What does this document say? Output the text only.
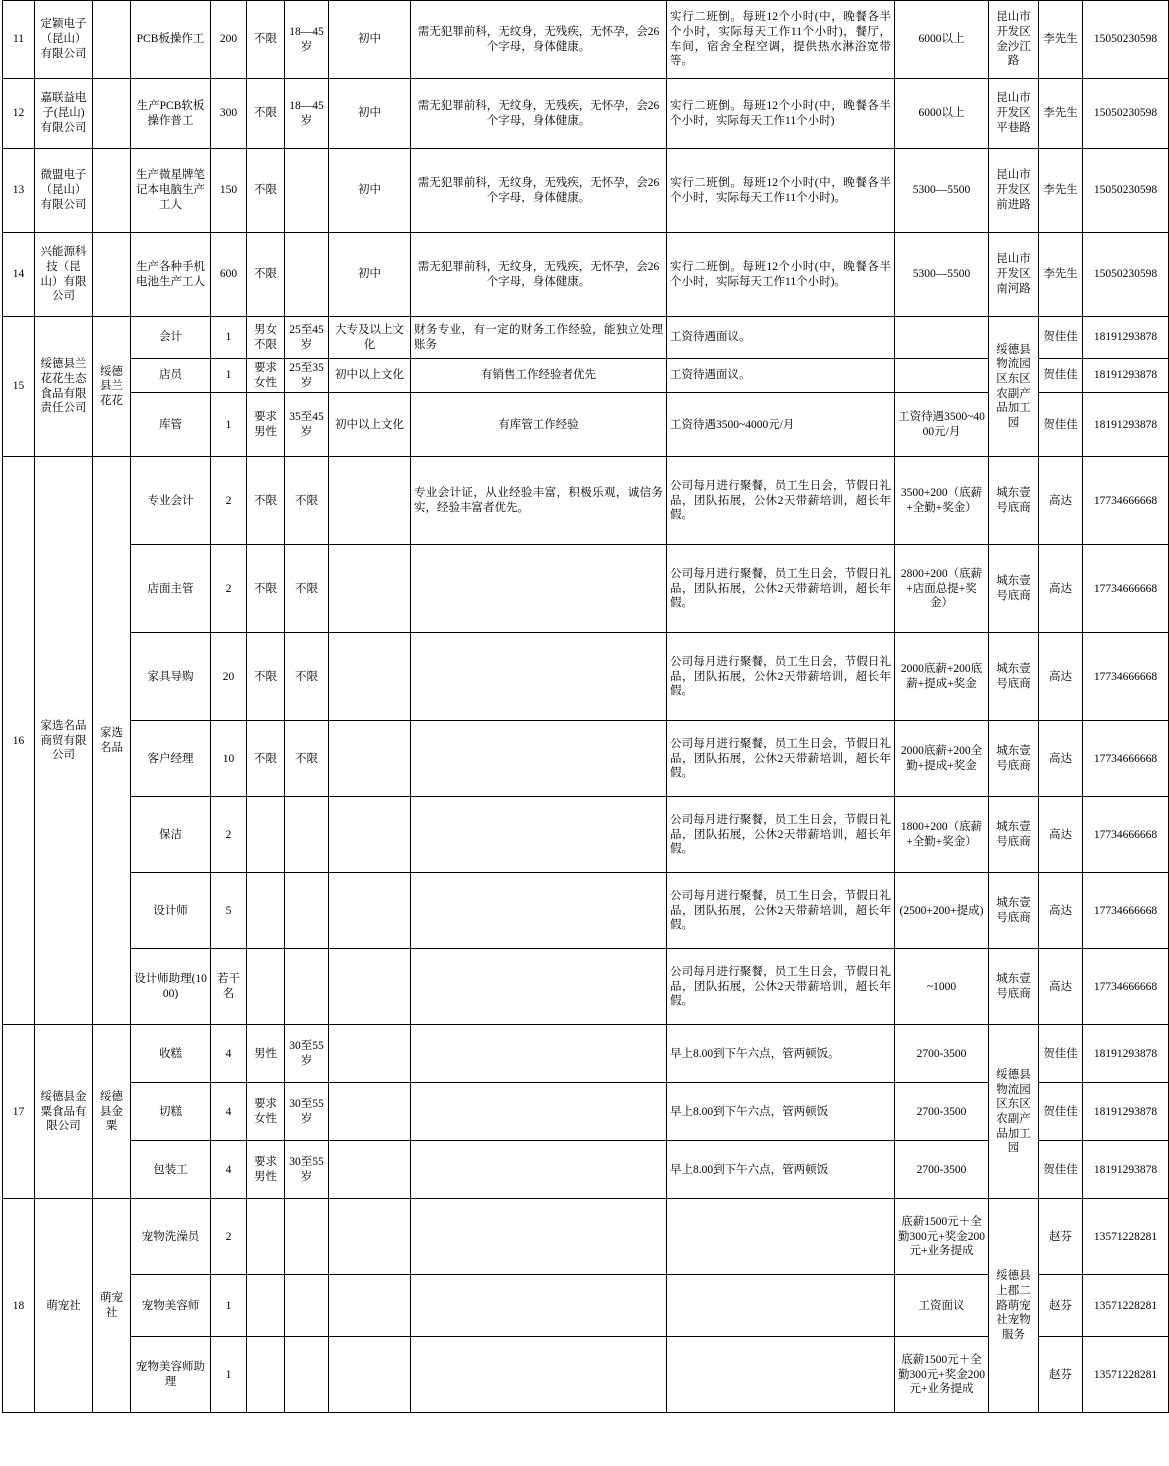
11	定颖电子（昆山）有限公司		PCB板操作工	200	不限	18—45岁	初中	需无犯罪前科，无纹身，无残疾，无怀孕，会26个字母，身体健康。	实行二班倒。每班12个小时(中，晚餐各半个小时，实际每天工作11个小时)，餐厅，车间，宿舍全程空调，提供热水淋浴宽带等。	6000以上	昆山市开发区金沙江路	李先生	15050230598
12	嘉联益电子(昆山)有限公司		生产PCB软板操作普工	300	不限	18—45岁	初中	需无犯罪前科，无纹身，无残疾，无怀孕，会26个字母，身体健康。	实行二班倒。每班12个小时(中，晚餐各半个小时，实际每天工作11个小时)	6000以上	昆山市开发区平巷路	李先生	15050230598
13	微盟电子（昆山）有限公司		生产微星牌笔记本电脑生产工人	150	不限		初中	需无犯罪前科，无纹身，无残疾，无怀孕，会26个字母，身体健康。	实行二班倒。每班12个小时(中，晚餐各半个小时，实际每天工作11个小时)。	5300—5500	昆山市开发区前进路	李先生	15050230598
14	兴能源科技（昆山）有限公司		生产各种手机电池生产工人	600	不限		初中	需无犯罪前科，无纹身，无残疾，无怀孕，会26个字母，身体健康。	实行二班倒。每班12个小时(中，晚餐各半个小时，实际每天工作11个小时)。	5300—5500	昆山市开发区南河路	李先生	15050230598
15	绥德县兰花花生态食品有限责任公司	绥德县兰花花	会计	1	男女不限	25至45岁	大专及以上文化	财务专业，有一定的财务工作经验，能独立处理账务	工资待遇面议。		绥德县物流园区东区农副产品加工园	贺佳佳	18191293878
			店员	1	要求女性	25至35岁	初中以上文化	有销售工作经验者优先	工资待遇面议。			贺佳佳	18191293878
			库管	1	要求男性	35至45岁	初中以上文化	有库管工作经验	工资待遇3500~4000元/月	工资待遇3500~4000元/月		贺佳佳	18191293878
16	家选名品商贸有限公司	家选名品	专业会计	2	不限	不限		专业会计证，从业经验丰富，积极乐观，诚信务实，经验丰富者优先。	公司每月进行聚餐，员工生日会，节假日礼品，团队拓展，公休2天带薪培训，超长年假。	3500+200（底薪+全勤+奖金）	城东壹号底商	高达	17734666668
			店面主管	2	不限	不限			公司每月进行聚餐，员工生日会，节假日礼品，团队拓展，公休2天带薪培训，超长年假。	2800+200（底薪+店面总提+奖金）	城东壹号底商	高达	17734666668
			家具导购	20	不限	不限			公司每月进行聚餐，员工生日会，节假日礼品，团队拓展，公休2天带薪培训，超长年假。	2000底薪+200底薪+提成+奖金	城东壹号底商	高达	17734666668
			客户经理	10	不限	不限			公司每月进行聚餐，员工生日会，节假日礼品，团队拓展，公休2天带薪培训，超长年假。	2000底薪+200全勤+提成+奖金	城东壹号底商	高达	17734666668
			保洁	2					公司每月进行聚餐，员工生日会，节假日礼品，团队拓展，公休2天带薪培训，超长年假。	1800+200（底薪+全勤+奖金）	城东壹号底商	高达	17734666668
			设计师	5					公司每月进行聚餐，员工生日会，节假日礼品，团队拓展，公休2天带薪培训，超长年假。	(2500+200+提成)	城东壹号底商	高达	17734666668
			设计师助理(1000)	若干名					公司每月进行聚餐，员工生日会，节假日礼品，团队拓展，公休2天带薪培训，超长年假。	~1000	城东壹号底商	高达	17734666668
17	绥德县金粟食品有限公司	绥德县金粟	收糕	4	男性	30至55岁			早上8.00到下午六点，管两顿饭。	2700-3500	绥德县物流园区东区农副产品加工园	贺佳佳	18191293878
			切糕	4	要求女性	30至55岁			早上8.00到下午六点，管两顿饭	2700-3500		贺佳佳	18191293878
			包装工	4	要求男性	30至55岁			早上8.00到下午六点，管两顿饭	2700-3500		贺佳佳	18191293878
18	萌宠社	萌宠社	宠物洗澡员	2						底薪1500元＋全勤300元+奖金200元+业务提成	绥德县上郡二路萌宠社宠物服务	赵芬	13571228281
			宠物美容师	1						工资面议		赵芬	13571228281
			宠物美容师助理	1						底薪1500元＋全勤300元+奖金200元+业务提成		赵芬	13571228281
